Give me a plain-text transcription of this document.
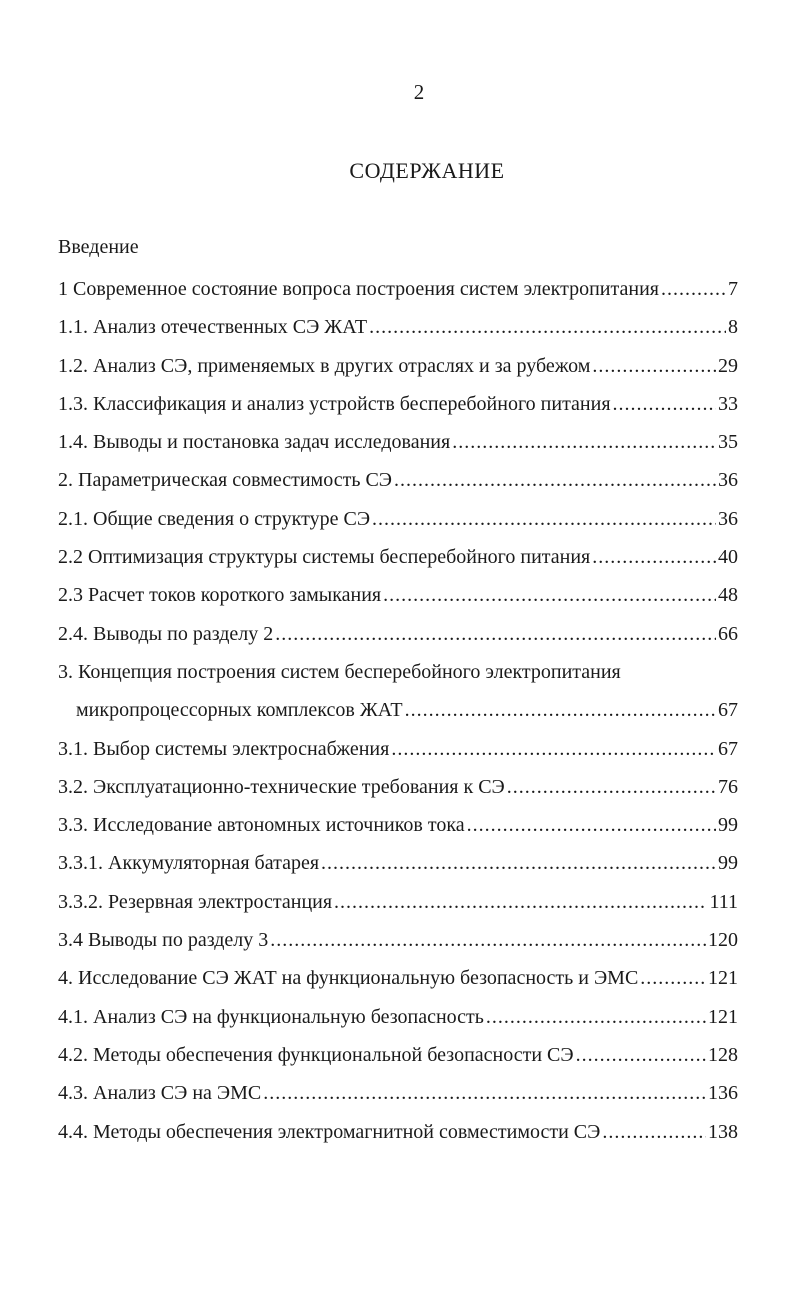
2
СОДЕРЖАНИЕ
Введение
1 Современное состояние вопроса построения систем электропитания .....	7
1.1. Анализ отечественных СЭ ЖАТ .....	8
1.2. Анализ СЭ, применяемых в других отраслях и за рубежом .....	29
1.3. Классификация и анализ устройств бесперебойного питания .....	33
1.4. Выводы и постановка задач исследования .....	35
2. Параметрическая совместимость СЭ .....	36
2.1. Общие сведения о структуре СЭ .....	36
2.2 Оптимизация структуры системы бесперебойного питания .....	40
2.3 Расчет токов короткого замыкания .....	48
2.4. Выводы по разделу 2 .....	66
3. Концепция построения систем бесперебойного электропитания
микропроцессорных комплексов ЖАТ .....	67
3.1. Выбор системы электроснабжения .....	67
3.2. Эксплуатационно-технические требования к СЭ .....	76
3.3. Исследование автономных источников тока .....	99
3.3.1. Аккумуляторная батарея .....	99
3.3.2. Резервная электростанция .....	111
3.4 Выводы по разделу 3 .....	120
4. Исследование СЭ ЖАТ на функциональную безопасность и ЭМС .....	121
4.1. Анализ СЭ на функциональную безопасность .....	121
4.2. Методы обеспечения функциональной безопасности СЭ .....	128
4.3. Анализ СЭ на ЭМС .....	136
4.4. Методы обеспечения электромагнитной совместимости СЭ .....	138
